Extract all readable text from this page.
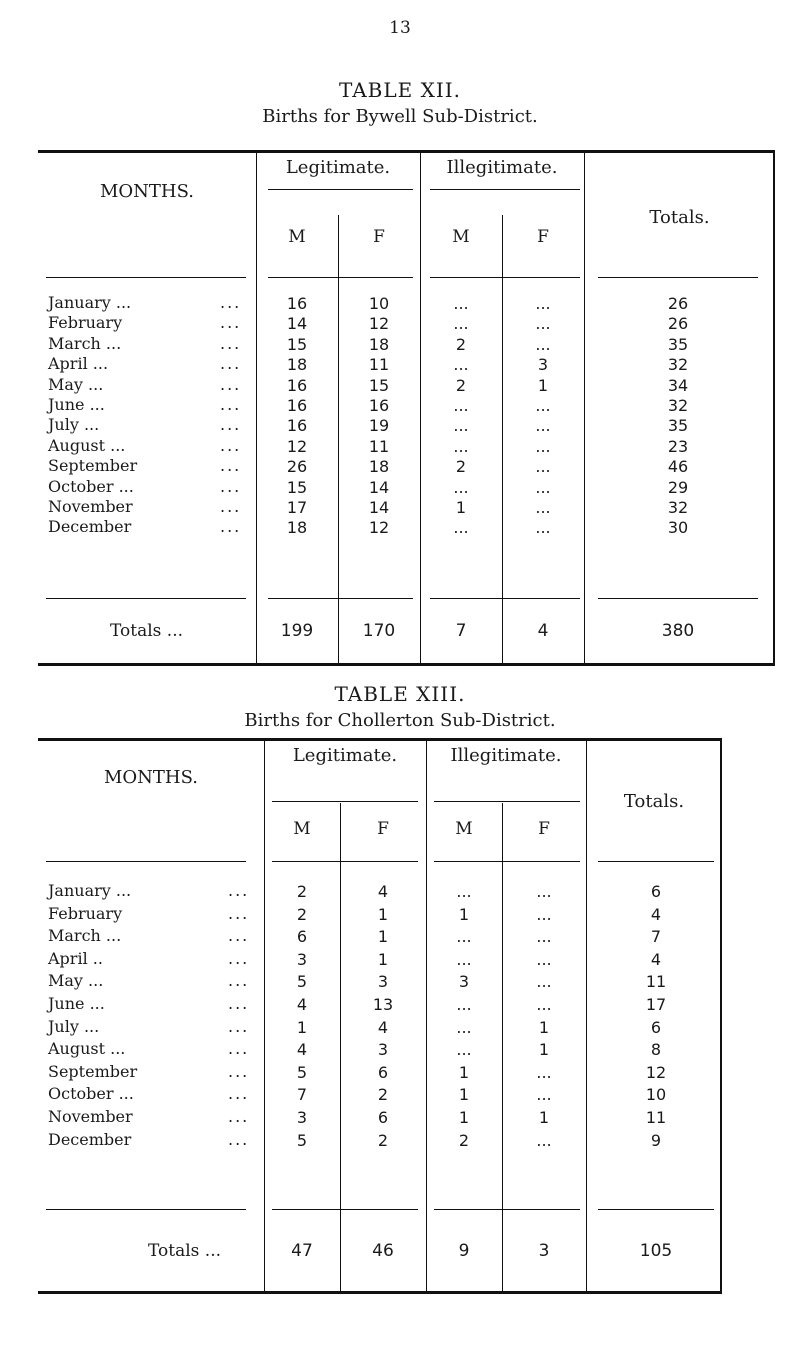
13
TABLE XII.
Births for Bywell Sub-District.
MONTHS.
Legitimate.	Illegitimate.
Totals.
M	F	M	F
January ...	...	16	10	...	...	26
February	...	14	12	...	...	26
March ...	...	15	18	2	...	35
April ...	...	18	11	...	3	32
May ...	...	16	15	2	1	34
June ...	...	16	16	...	...	32
July ...	...	16	19	...	...	35
August ...	...	12	11	...	...	23
September	...	26	18	2	...	46
October ...	...	15	14	...	...	29
November	...	17	14	1	...	32
December	...	18	12	...	...	30
Totals ...	199	170	7	4	380
TABLE XIII.
Births for Chollerton Sub-District.
MONTHS.
Legitimate.	Illegitimate.
Totals.
M	F	M	F
January ...	...	2	4	...	...	6
February	...	2	1	1	...	4
March ...	...	6	1	...	...	7
April ..	...	3	1	...	...	4
May ...	...	5	3	3	...	11
June ...	...	4	13	...	...	17
July ...	...	1	4	...	1	6
August ...	...	4	3	...	1	8
September	...	5	6	1	...	12
October ...	...	7	2	1	...	10
November	...	3	6	1	1	11
December	...	5	2	2	...	9
Totals ...	47	46	9	3	105
